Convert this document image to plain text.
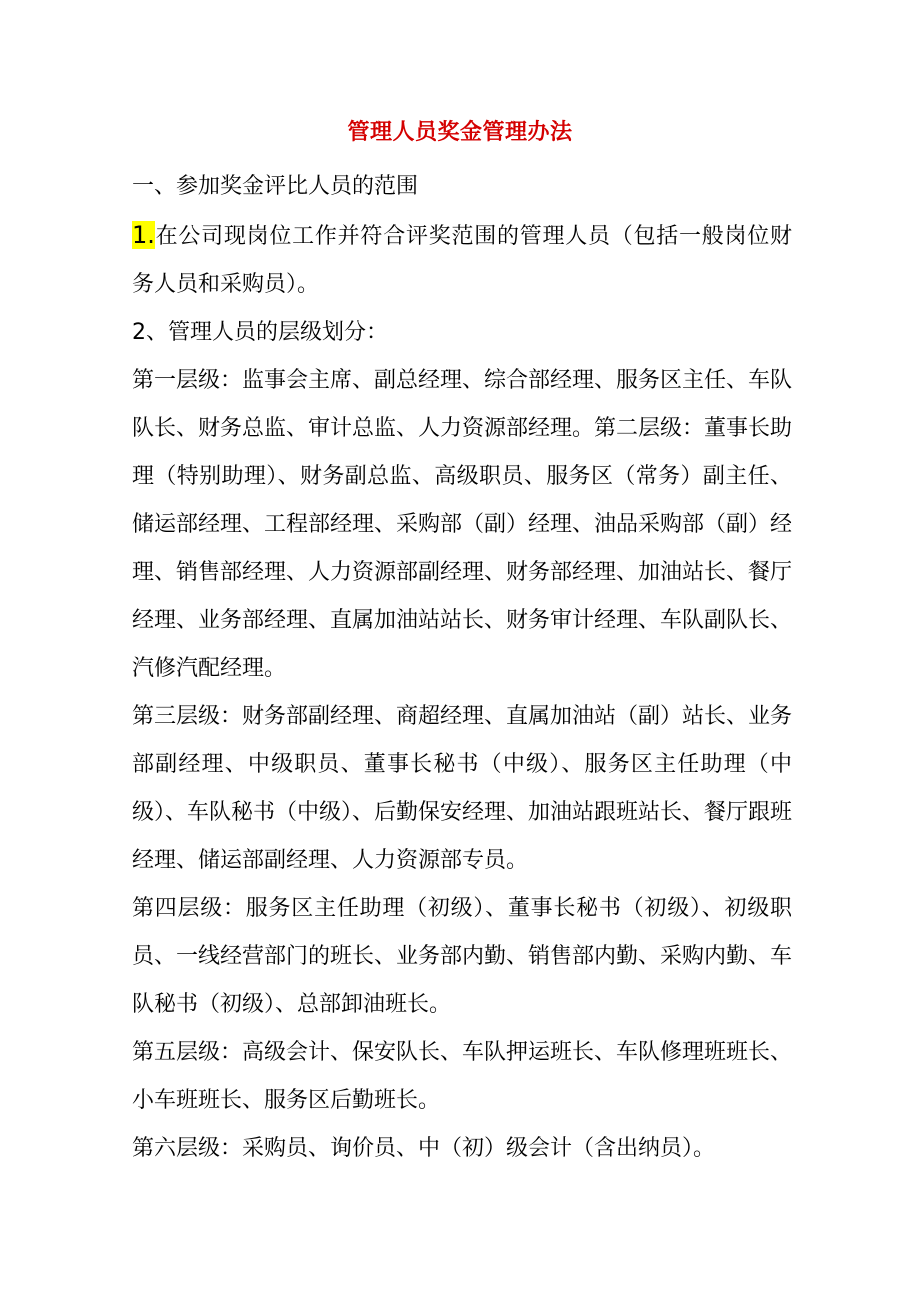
管理人员奖金管理办法

一、参加奖金评比人员的范围

1.在公司现岗位工作并符合评奖范围的管理人员（包括一般岗位财务人员和采购员）。

2、管理人员的层级划分：

第一层级：监事会主席、副总经理、综合部经理、服务区主任、车队队长、财务总监、审计总监、人力资源部经理。第二层级：董事长助理（特别助理）、财务副总监、高级职员、服务区（常务）副主任、储运部经理、工程部经理、采购部（副）经理、油品采购部（副）经理、销售部经理、人力资源部副经理、财务部经理、加油站长、餐厅经理、业务部经理、直属加油站站长、财务审计经理、车队副队长、汽修汽配经理。

第三层级：财务部副经理、商超经理、直属加油站（副）站长、业务部副经理、中级职员、董事长秘书（中级）、服务区主任助理（中级）、车队秘书（中级）、后勤保安经理、加油站跟班站长、餐厅跟班经理、储运部副经理、人力资源部专员。

第四层级：服务区主任助理（初级）、董事长秘书（初级）、初级职员、一线经营部门的班长、业务部内勤、销售部内勤、采购内勤、车队秘书（初级）、总部卸油班长。

第五层级：高级会计、保安队长、车队押运班长、车队修理班班长、小车班班长、服务区后勤班长。

第六层级：采购员、询价员、中（初）级会计（含出纳员）。
